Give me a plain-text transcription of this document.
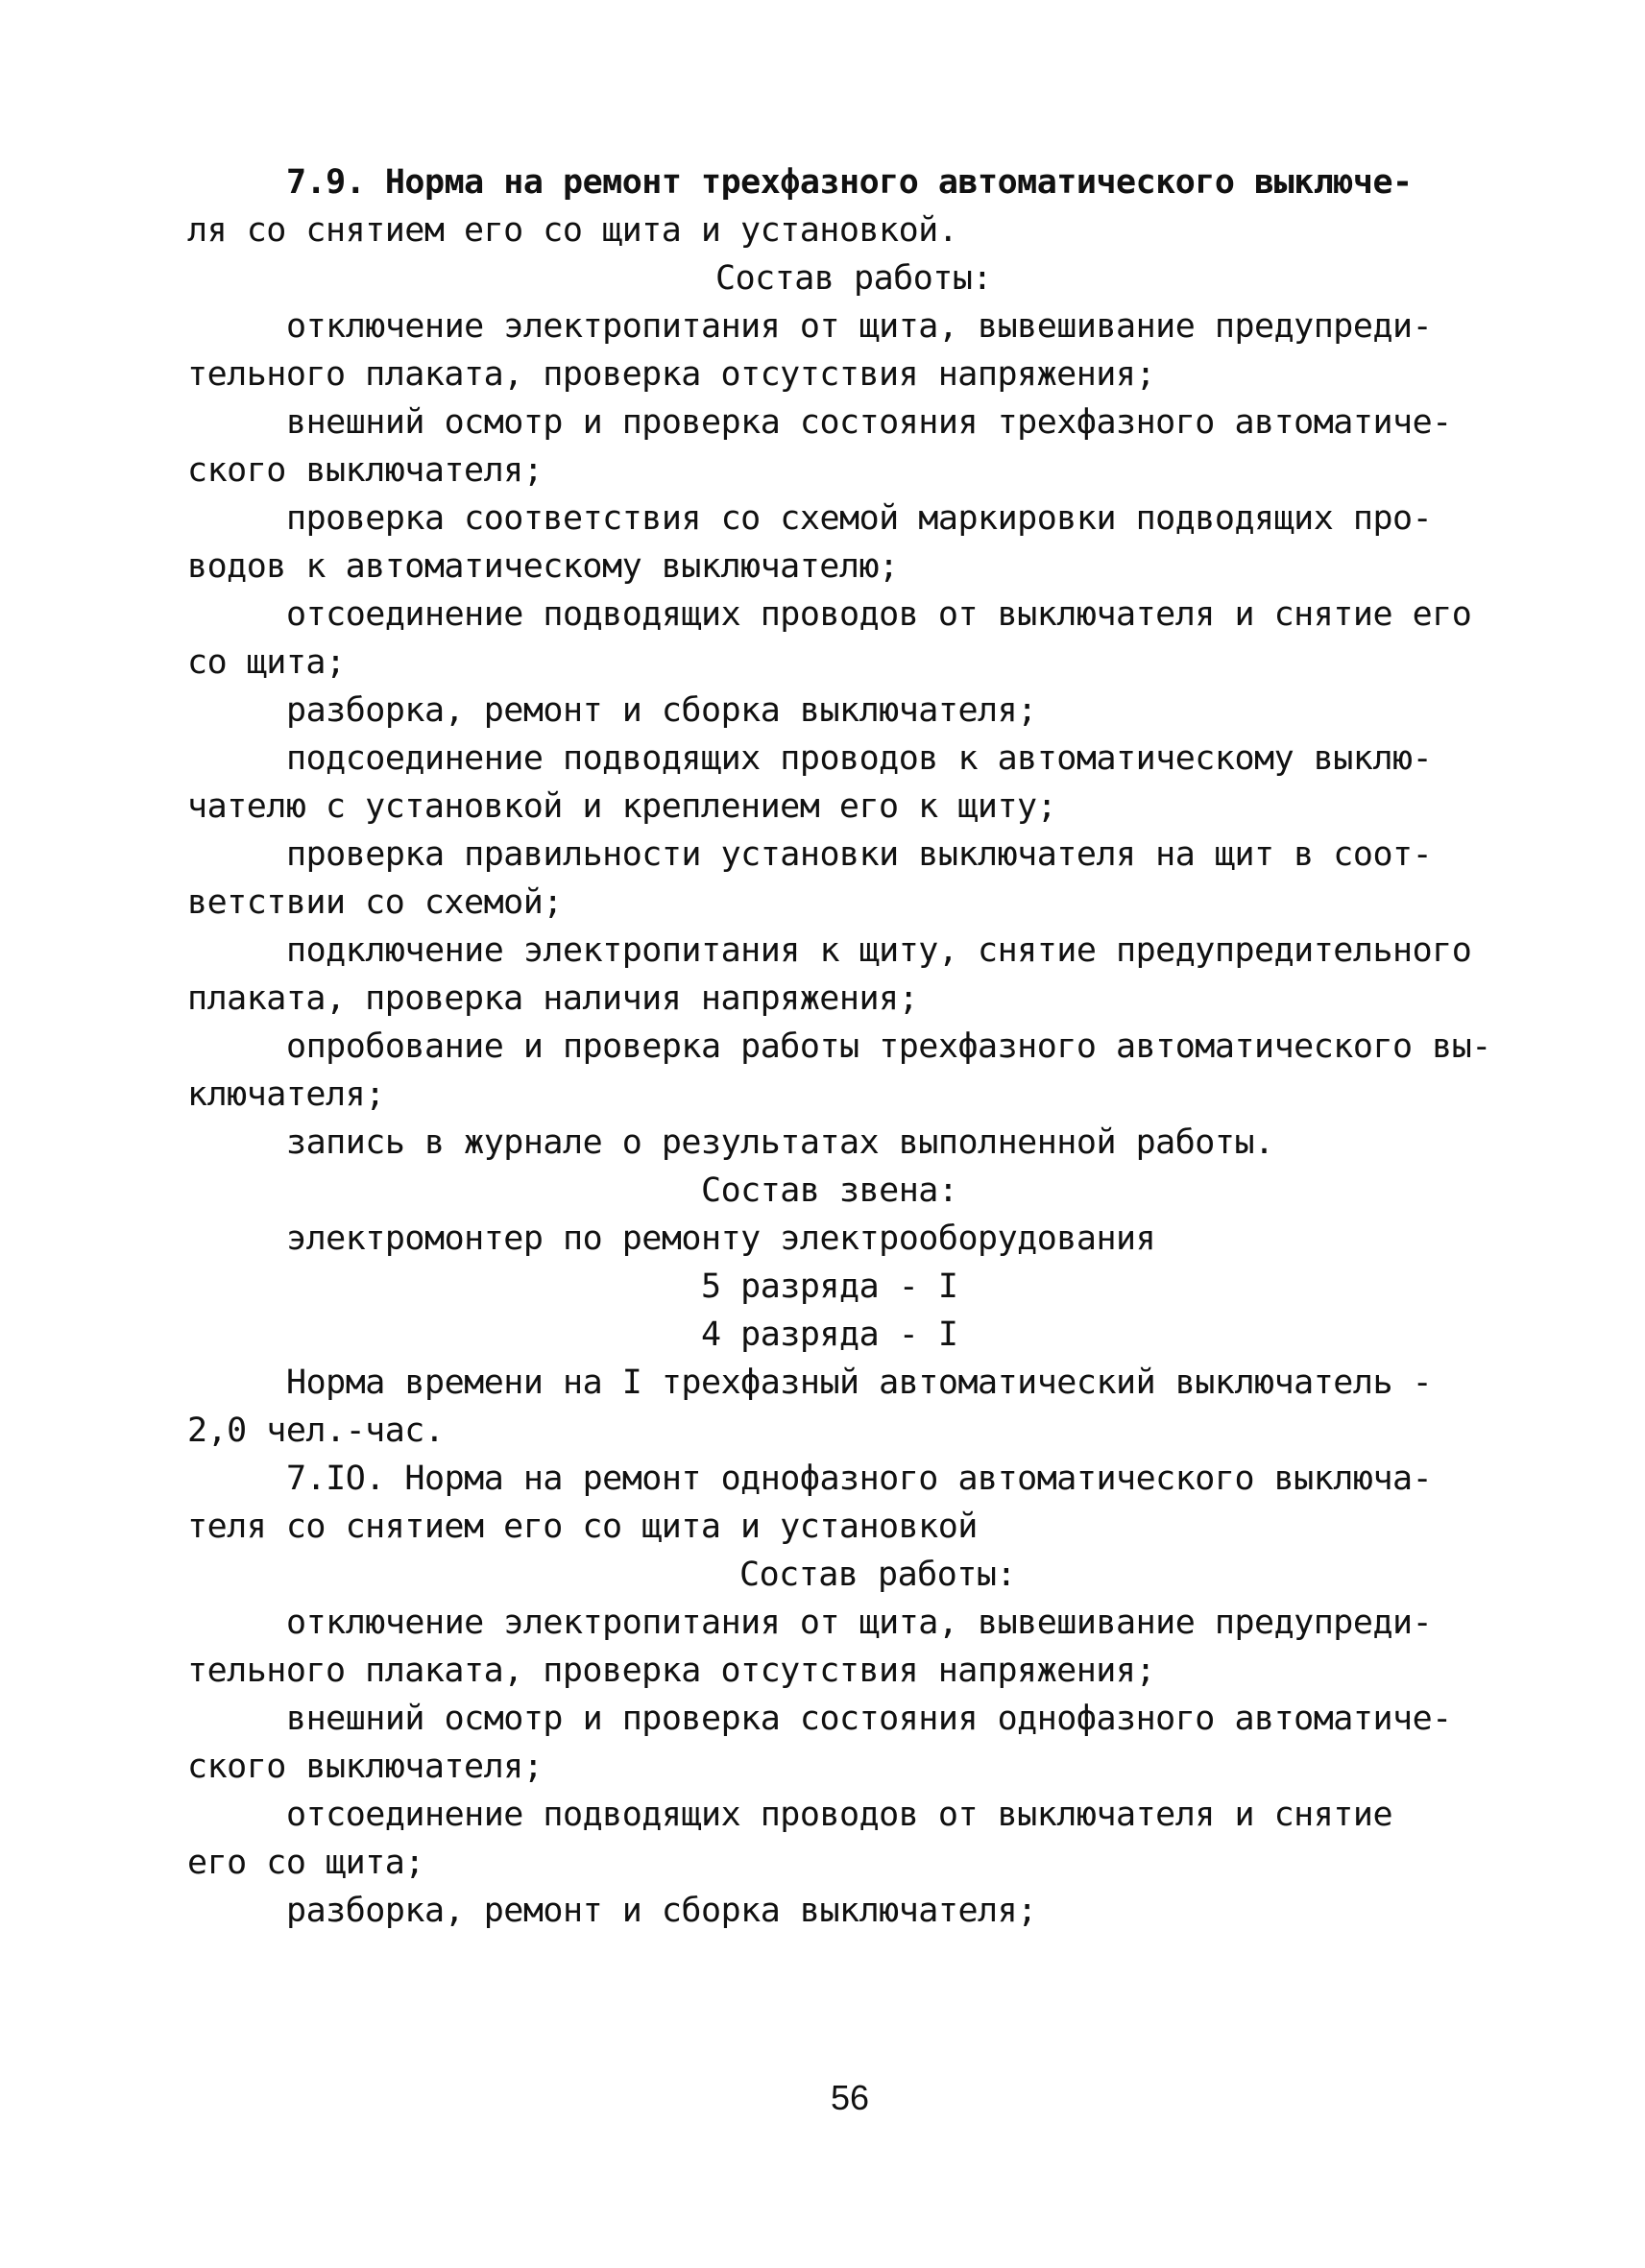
7.9. Норма на ремонт трехфазного автоматического выключе-
ля со снятием его со щита и установкой.
Состав работы:
отключение электропитания от щита, вывешивание предупреди-
тельного плаката, проверка отсутствия напряжения;
внешний осмотр и проверка состояния трехфазного автоматиче-
ского выключателя;
проверка соответствия со схемой маркировки подводящих про-
водов к автоматическому выключателю;
отсоединение подводящих проводов от выключателя и снятие его
со щита;
разборка, ремонт и сборка выключателя;
подсоединение подводящих проводов к автоматическому выклю-
чателю с установкой и креплением его к щиту;
проверка правильности установки выключателя на щит в соот-
ветствии со схемой;
подключение электропитания к щиту, снятие предупредительного
плаката, проверка наличия напряжения;
опробование и проверка работы трехфазного автоматического вы-
ключателя;
запись в журнале о результатах выполненной работы.
Состав звена:
электромонтер по ремонту электрооборудования
5 разряда - I
4 разряда - I
Норма времени на I трехфазный автоматический выключатель -
2,0 чел.-час.
7.IO. Норма на ремонт однофазного автоматического выключа-
теля со снятием его со щита и установкой
Состав работы:
отключение электропитания от щита, вывешивание предупреди-
тельного плаката, проверка отсутствия напряжения;
внешний осмотр и проверка состояния однофазного автоматиче-
ского выключателя;
отсоединение подводящих проводов от выключателя и снятие
его со щита;
разборка, ремонт и сборка выключателя;
56
